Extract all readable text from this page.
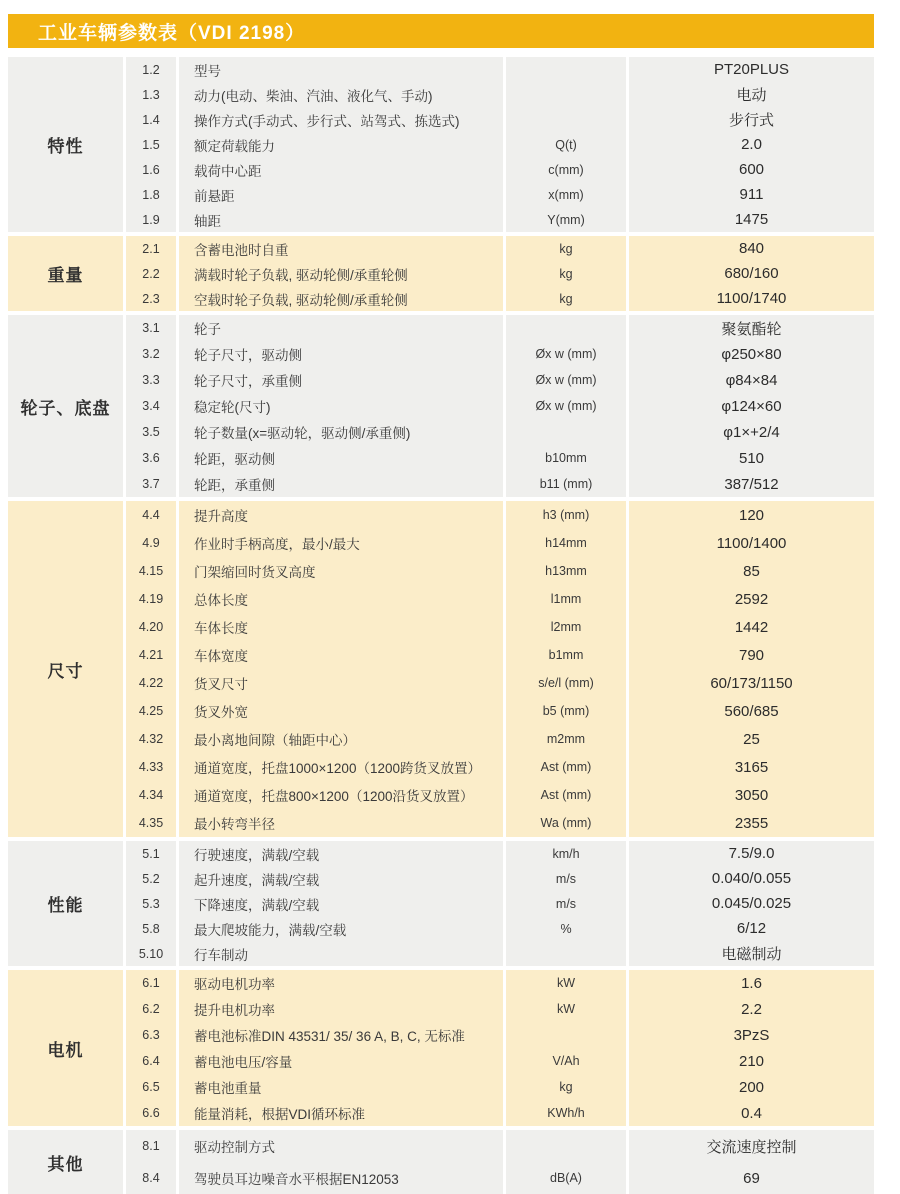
工业车辆参数表（VDI 2198）
特性
1.2
1.3
1.4
1.5
1.6
1.8
1.9
型号
动力(电动、柴油、汽油、液化气、手动)
操作方式(手动式、步行式、站驾式、拣选式)
额定荷载能力
载荷中心距
前悬距
轴距
Q(t)
c(mm)
x(mm)
Y(mm)
PT20PLUS
电动
步行式
2.0
600
911
1475
重量
2.1
2.2
2.3
含蓄电池时自重
满载时轮子负载, 驱动轮侧/承重轮侧
空载时轮子负载, 驱动轮侧/承重轮侧
kg
kg
kg
840
680/160
1100/1740
轮子、底盘
3.1
3.2
3.3
3.4
3.5
3.6
3.7
轮子
轮子尺寸，驱动侧
轮子尺寸，承重侧
稳定轮(尺寸)
轮子数量(x=驱动轮，驱动侧/承重侧)
轮距，驱动侧
轮距，承重侧
Øx w (mm)
Øx w (mm)
Øx w (mm)
b10mm
b11 (mm)
聚氨酯轮
φ250×80
φ84×84
φ124×60
φ1×+2/4
510
387/512
尺寸
4.4
4.9
4.15
4.19
4.20
4.21
4.22
4.25
4.32
4.33
4.34
4.35
提升高度
作业时手柄高度，最小/最大
门架缩回时货叉高度
总体长度
车体长度
车体宽度
货叉尺寸
货叉外宽
最小离地间隙（轴距中心）
通道宽度，托盘1000×1200（1200跨货叉放置）
通道宽度，托盘800×1200（1200沿货叉放置）
最小转弯半径
h3 (mm)
h14mm
h13mm
l1mm
l2mm
b1mm
s/e/l (mm)
b5 (mm)
m2mm
Ast (mm)
Ast (mm)
Wa (mm)
120
1100/1400
85
2592
1442
790
60/173/1150
560/685
25
3165
3050
2355
性能
5.1
5.2
5.3
5.8
5.10
行驶速度，满载/空载
起升速度，满载/空载
下降速度，满载/空载
最大爬坡能力，满载/空载
行车制动
km/h
m/s
m/s
%
7.5/9.0
0.040/0.055
0.045/0.025
6/12
电磁制动
电机
6.1
6.2
6.3
6.4
6.5
6.6
驱动电机功率
提升电机功率
蓄电池标准DIN 43531/ 35/ 36 A, B, C, 无标准
蓄电池电压/容量
蓄电池重量
能量消耗，根据VDI循环标准
kW
kW
V/Ah
kg
KWh/h
1.6
2.2
3PzS
210
200
0.4
其他
8.1
8.4
驱动控制方式
驾驶员耳边噪音水平根据EN12053	dB(A)
交流速度控制
69
